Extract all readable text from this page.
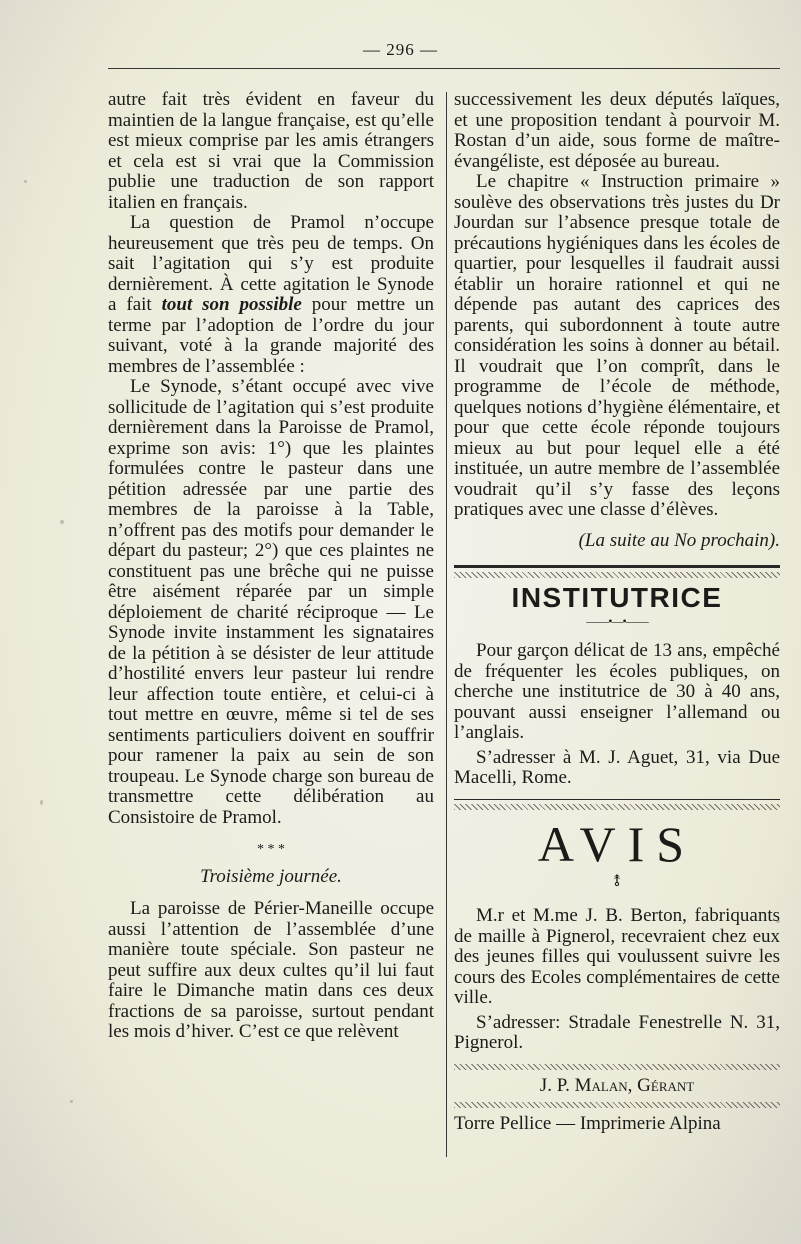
— 296 —

autre fait très évident en faveur du maintien de la langue française, est qu’elle est mieux comprise par les amis étrangers et cela est si vrai que la Commission publie une traduction de son rapport italien en français.

La question de Pramol n’occupe heureusement que très peu de temps. On sait l’agitation qui s’y est produite dernièrement. À cette agitation le Synode a fait tout son possible pour mettre un terme par l’adoption de l’ordre du jour suivant, voté à la grande majorité des membres de l’assemblée :

Le Synode, s’étant occupé avec vive sollicitude de l’agitation qui s’est produite dernièrement dans la Paroisse de Pramol, exprime son avis: 1°) que les plaintes formulées contre le pasteur dans une pétition adressée par une partie des membres de la paroisse à la Table, n’offrent pas des motifs pour demander le départ du pasteur; 2°) que ces plaintes ne constituent pas une brêche qui ne puisse être aisément réparée par un simple déploiement de charité réciproque — Le Synode invite instamment les signataires de la pétition à se désister de leur attitude d’hostilité envers leur pasteur lui rendre leur affection toute entière, et celui-ci à tout mettre en œuvre, même si tel de ses sentiments particuliers doivent en souffrir pour ramener la paix au sein de son troupeau. Le Synode charge son bureau de transmettre cette délibération au Consistoire de Pramol.

* * *

Troisième journée.

La paroisse de Périer-Maneille occupe aussi l’attention de l’assemblée d’une manière toute spéciale. Son pasteur ne peut suffire aux deux cultes qu’il lui faut faire le Dimanche matin dans ces deux fractions de sa paroisse, surtout pendant les mois d’hiver. C’est ce que relèvent

successivement les deux députés laïques, et une proposition tendant à pourvoir M. Rostan d’un aide, sous forme de maître-évangéliste, est déposée au bureau.

Le chapitre « Instruction primaire » soulève des observations très justes du Dr Jourdan sur l’absence presque totale de précautions hygiéniques dans les écoles de quartier, pour lesquelles il faudrait aussi établir un horaire rationnel et qui ne dépende pas autant des caprices des parents, qui subordonnent à toute autre considération les soins à donner au bétail. Il voudrait que l’on comprît, dans le programme de l’école de méthode, quelques notions d’hygiène élémentaire, et pour que cette école réponde toujours mieux au but pour lequel elle a été instituée, un autre membre de l’assemblée voudrait qu’il s’y fasse des leçons pratiques avec une classe d’élèves.

(La suite au No prochain).

INSTITUTRICE
——•—•——

Pour garçon délicat de 13 ans, empêché de fréquenter les écoles publiques, on cherche une institutrice de 30 à 40 ans, pouvant aussi enseigner l’allemand ou l’anglais.

S’adresser à M. J. Aguet, 31, via Due Macelli, Rome.

AVIS
⥉

M.r et M.me J. B. Berton, fabriquants de maille à Pignerol, recevraient chez eux des jeunes filles qui voulussent suivre les cours des Ecoles complémentaires de cette ville.

S’adresser: Stradale Fenestrelle N. 31, Pignerol.

J. P. Malan, Gérant

Torre Pellice — Imprimerie Alpina
